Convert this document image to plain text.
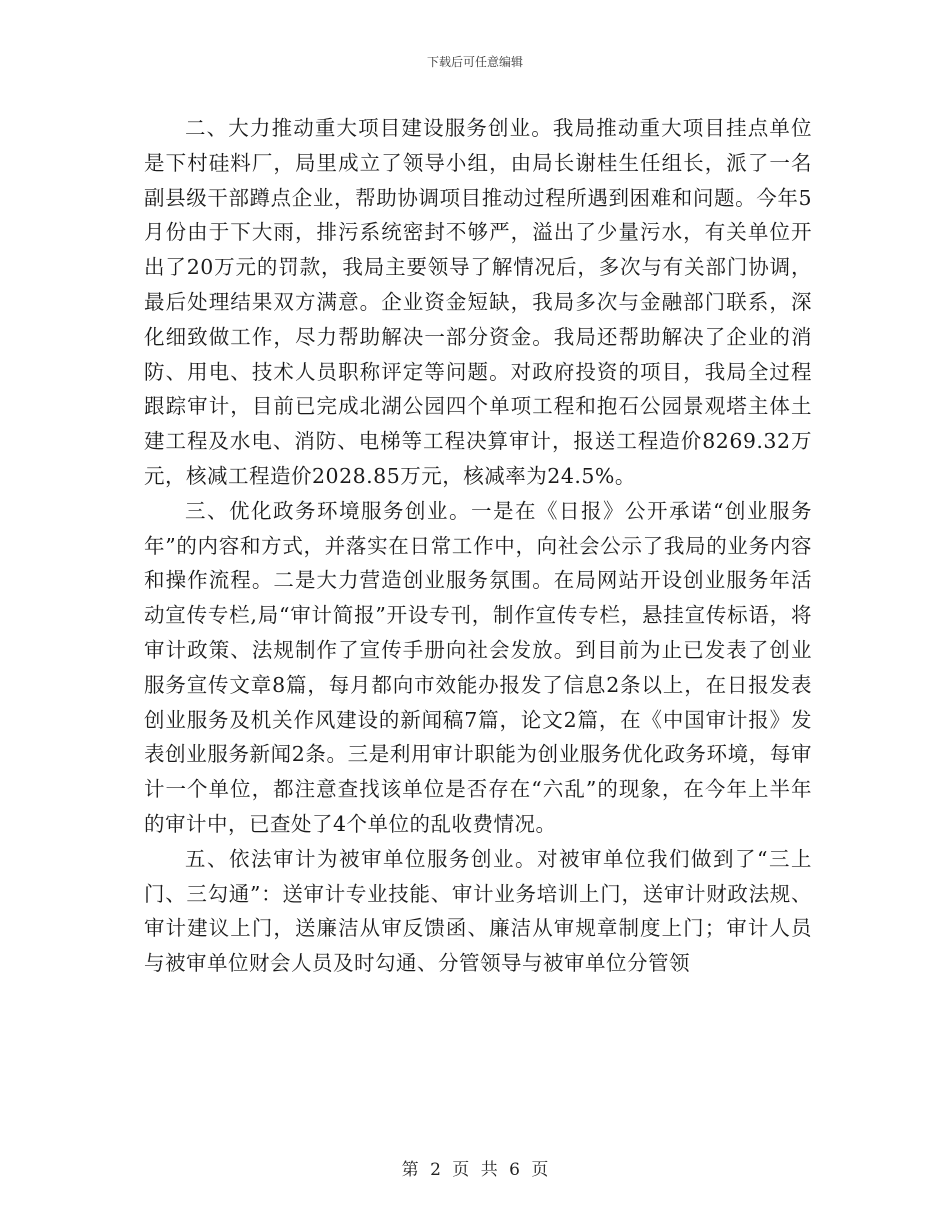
下载后可任意编辑

二、大力推动重大项目建设服务创业。我局推动重大项目挂点单位是下村硅料厂，局里成立了领导小组，由局长谢桂生任组长，派了一名副县级干部蹲点企业，帮助协调项目推动过程所遇到困难和问题。今年5月份由于下大雨，排污系统密封不够严，溢出了少量污水，有关单位开出了20万元的罚款，我局主要领导了解情况后，多次与有关部门协调，最后处理结果双方满意。企业资金短缺，我局多次与金融部门联系，深化细致做工作，尽力帮助解决一部分资金。我局还帮助解决了企业的消防、用电、技术人员职称评定等问题。对政府投资的项目，我局全过程跟踪审计，目前已完成北湖公园四个单项工程和抱石公园景观塔主体土建工程及水电、消防、电梯等工程决算审计，报送工程造价8269.32万元，核减工程造价2028.85万元，核减率为24.5%。

三、优化政务环境服务创业。一是在《日报》公开承诺“创业服务年”的内容和方式，并落实在日常工作中，向社会公示了我局的业务内容和操作流程。二是大力营造创业服务氛围。在局网站开设创业服务年活动宣传专栏,局“审计简报”开设专刊，制作宣传专栏，悬挂宣传标语，将审计政策、法规制作了宣传手册向社会发放。到目前为止已发表了创业服务宣传文章8篇，每月都向市效能办报发了信息2条以上，在日报发表创业服务及机关作风建设的新闻稿7篇，论文2篇，在《中国审计报》发表创业服务新闻2条。三是利用审计职能为创业服务优化政务环境，每审计一个单位，都注意查找该单位是否存在“六乱”的现象，在今年上半年的审计中，已查处了4个单位的乱收费情况。

五、依法审计为被审单位服务创业。对被审单位我们做到了“三上门、三勾通”：送审计专业技能、审计业务培训上门，送审计财政法规、审计建议上门，送廉洁从审反馈函、廉洁从审规章制度上门；审计人员与被审单位财会人员及时勾通、分管领导与被审单位分管领

第 2 页 共 6 页
